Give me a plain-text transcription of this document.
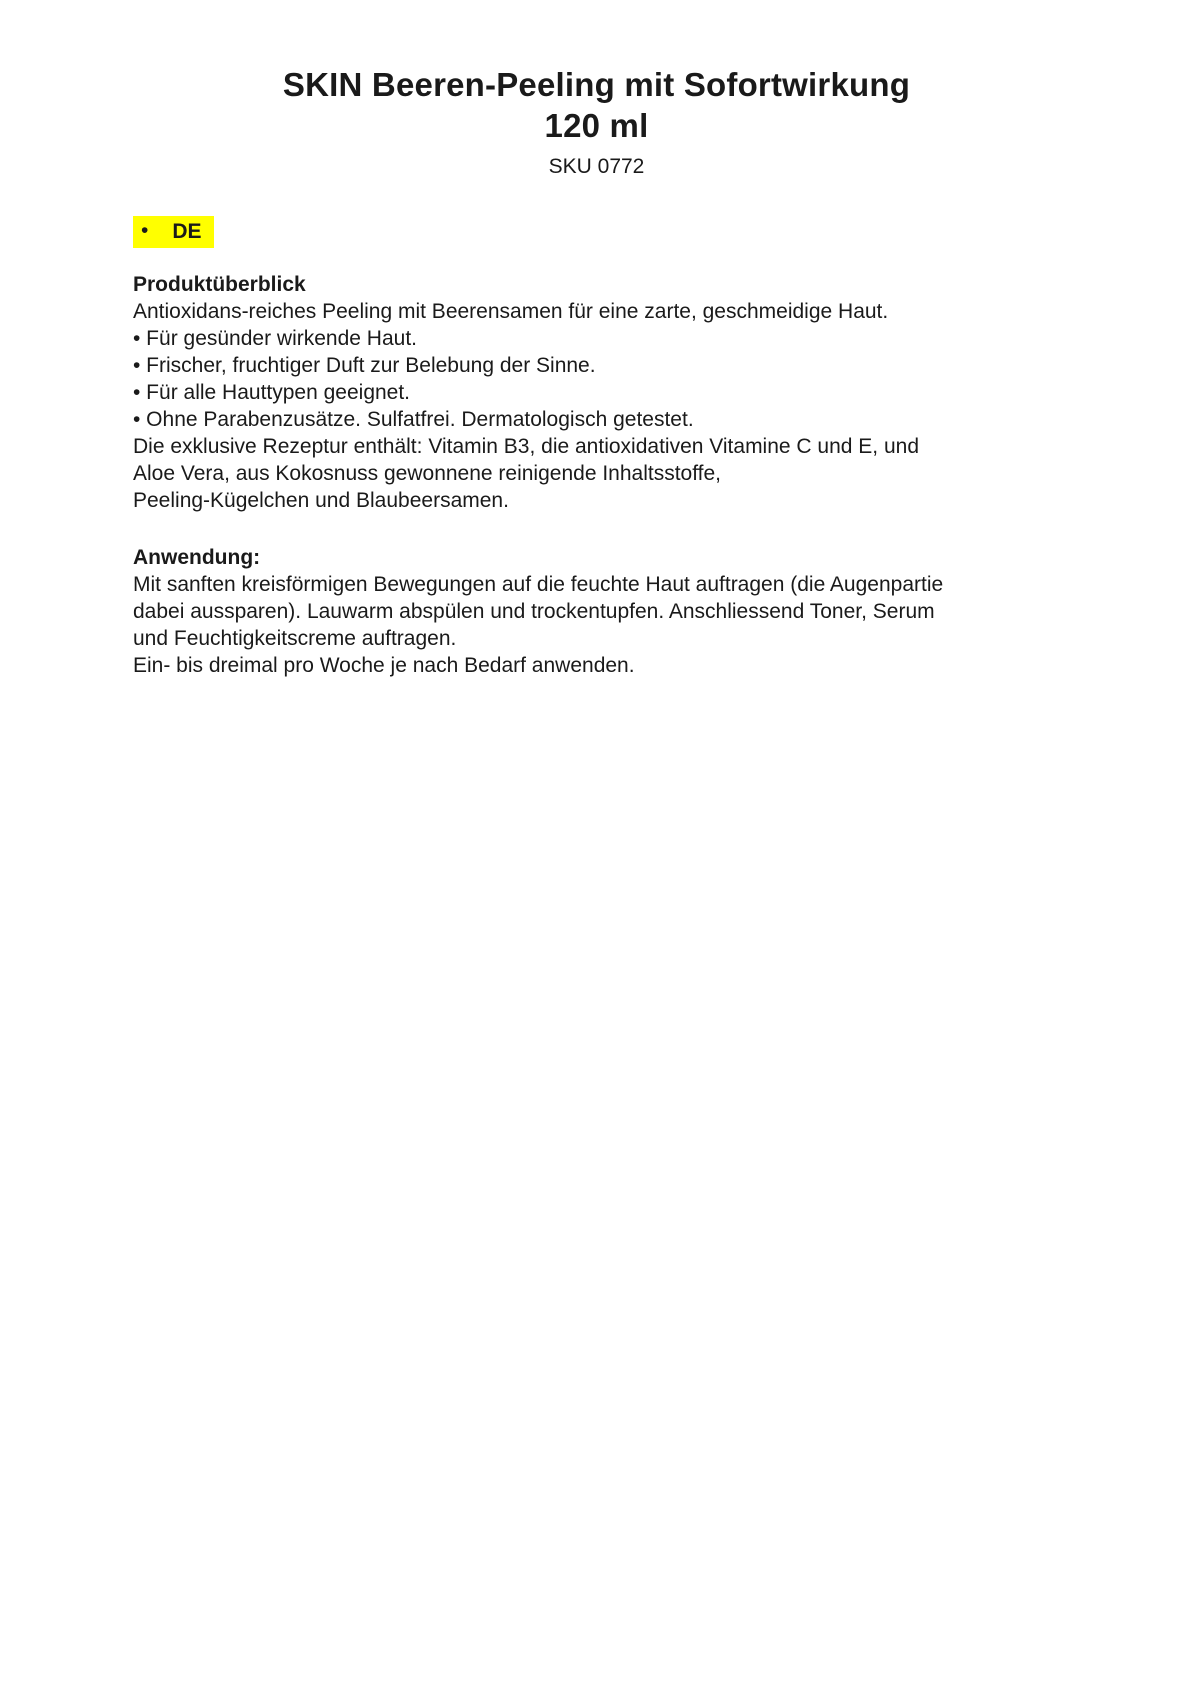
SKIN Beeren-Peeling mit Sofortwirkung
120 ml
SKU 0772
• DE
Produktüberblick
Antioxidans-reiches Peeling mit Beerensamen für eine zarte, geschmeidige Haut.
• Für gesünder wirkende Haut.
• Frischer, fruchtiger Duft zur Belebung der Sinne.
• Für alle Hauttypen geeignet.
• Ohne Parabenzusätze. Sulfatfrei. Dermatologisch getestet.
Die exklusive Rezeptur enthält: Vitamin B3, die antioxidativen Vitamine C und E, und
Aloe Vera, aus Kokosnuss gewonnene reinigende Inhaltsstoffe,
Peeling-Kügelchen und Blaubeersamen.
Anwendung:
Mit sanften kreisförmigen Bewegungen auf die feuchte Haut auftragen (die Augenpartie
dabei aussparen). Lauwarm abspülen und trockentupfen. Anschliessend Toner, Serum
und Feuchtigkeitscreme auftragen.
Ein- bis dreimal pro Woche je nach Bedarf anwenden.
